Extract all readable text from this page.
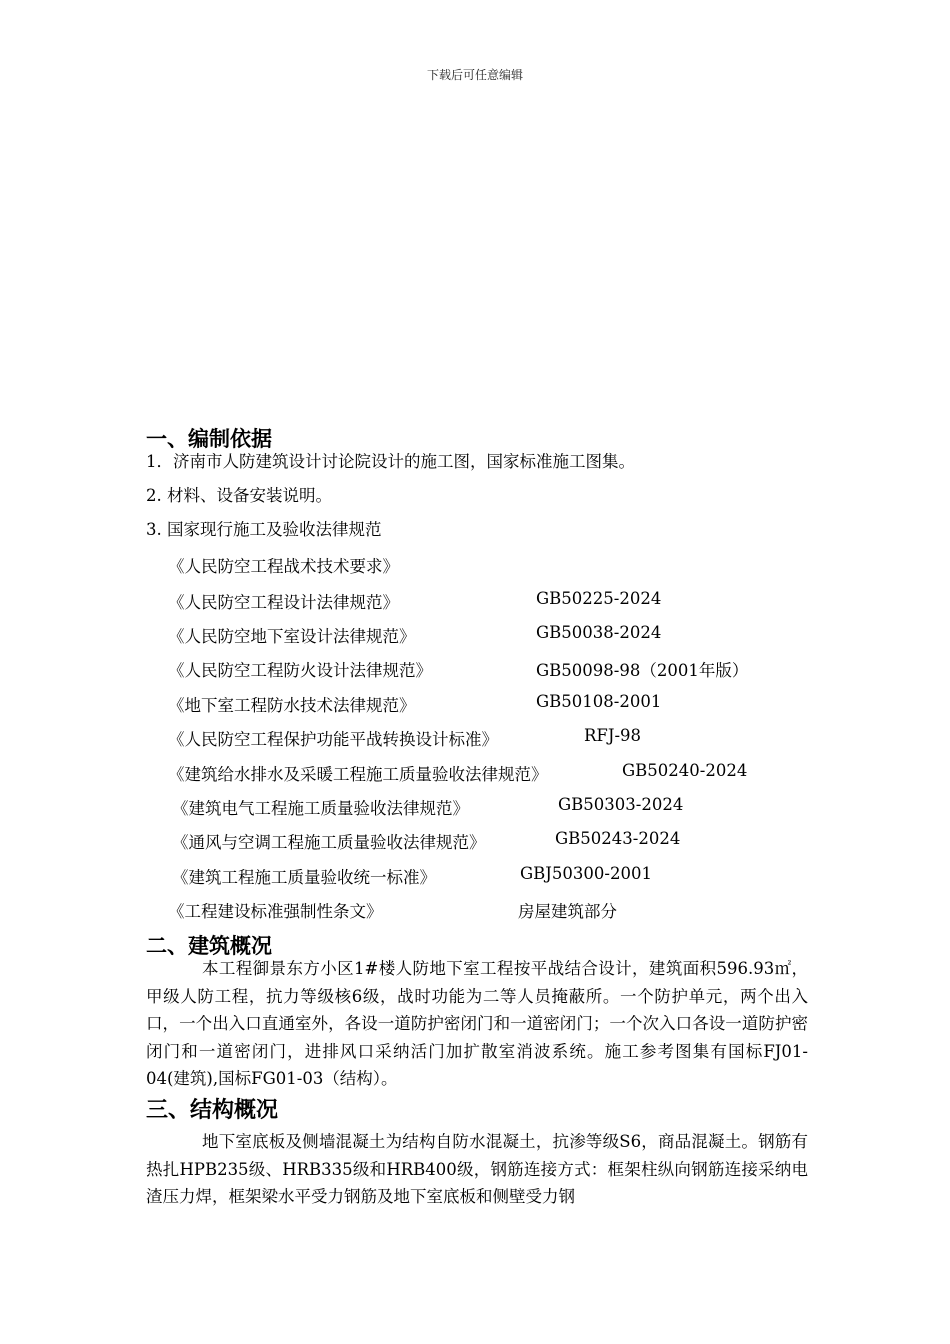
下载后可任意编辑
一、编制依据
1．济南市人防建筑设计讨论院设计的施工图，国家标准施工图集。
2. 材料、设备安装说明。
3. 国家现行施工及验收法律规范
《人民防空工程战术技术要求》
《人民防空工程设计法律规范》	GB50225-2024
《人民防空地下室设计法律规范》	GB50038-2024
《人民防空工程防火设计法律规范》	GB50098-98（2001年版）
《地下室工程防水技术法律规范》	GB50108-2001
《人民防空工程保护功能平战转换设计标准》	RFJ-98
《建筑给水排水及采暖工程施工质量验收法律规范》	GB50240-2024
《建筑电气工程施工质量验收法律规范》	GB50303-2024
《通风与空调工程施工质量验收法律规范》	GB50243-2024
《建筑工程施工质量验收统一标准》	GBJ50300-2001
《工程建设标准强制性条文》	房屋建筑部分
二、建筑概况
本工程御景东方小区1#楼人防地下室工程按平战结合设计，建筑面积596.93㎡，甲级人防工程，抗力等级核6级，战时功能为二等人员掩蔽所。一个防护单元，两个出入口，一个出入口直通室外，各设一道防护密闭门和一道密闭门；一个次入口各设一道防护密闭门和一道密闭门，进排风口采纳活门加扩散室消波系统。施工参考图集有国标FJ01-04(建筑),国标FG01-03（结构）。
三、结构概况
地下室底板及侧墙混凝土为结构自防水混凝土，抗渗等级S6，商品混凝土。钢筋有热扎HPB235级、HRB335级和HRB400级，钢筋连接方式：框架柱纵向钢筋连接采纳电渣压力焊，框架梁水平受力钢筋及地下室底板和侧壁受力钢
